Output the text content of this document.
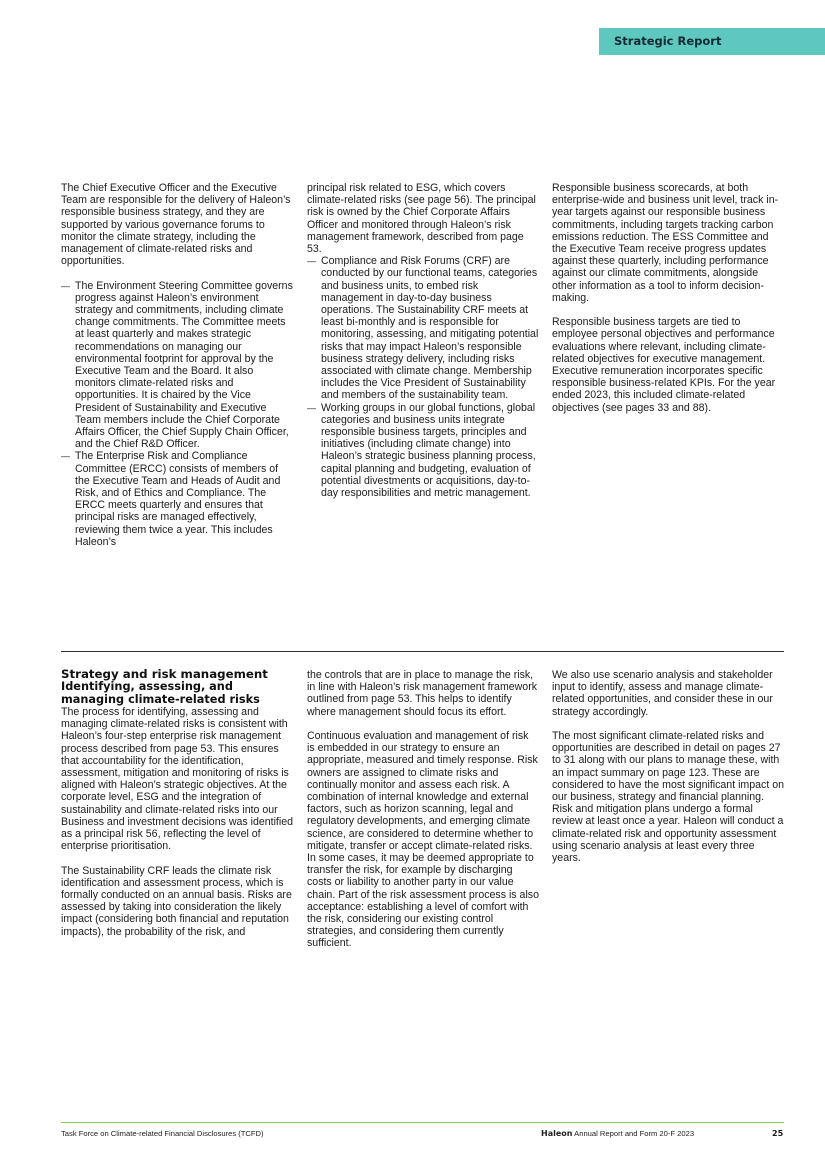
Strategic Report

The Chief Executive Officer and the Executive Team are responsible for the delivery of Haleon’s responsible business strategy, and they are supported by various governance forums to monitor the climate strategy, including the management of climate-related risks and opportunities.

— The Environment Steering Committee governs progress against Haleon’s environment strategy and commitments, including climate change commitments. The Committee meets at least quarterly and makes strategic recommendations on managing our environmental footprint for approval by the Executive Team and the Board. It also monitors climate-related risks and opportunities. It is chaired by the Vice President of Sustainability and Executive Team members include the Chief Corporate Affairs Officer, the Chief Supply Chain Officer, and the Chief R&D Officer.
— The Enterprise Risk and Compliance Committee (ERCC) consists of members of the Executive Team and Heads of Audit and Risk, and of Ethics and Compliance. The ERCC meets quarterly and ensures that principal risks are managed effectively, reviewing them twice a year. This includes Haleon’s
principal risk related to ESG, which covers climate-related risks (see page 56). The principal risk is owned by the Chief Corporate Affairs Officer and monitored through Haleon’s risk management framework, described from page 53.
— Compliance and Risk Forums (CRF) are conducted by our functional teams, categories and business units, to embed risk management in day-to-day business operations. The Sustainability CRF meets at least bi-monthly and is responsible for monitoring, assessing, and mitigating potential risks that may impact Haleon’s responsible business strategy delivery, including risks associated with climate change. Membership includes the Vice President of Sustainability and members of the sustainability team.
— Working groups in our global functions, global categories and business units integrate responsible business targets, principles and initiatives (including climate change) into Haleon’s strategic business planning process, capital planning and budgeting, evaluation of potential divestments or acquisitions, day-to-day responsibilities and metric management.

Responsible business scorecards, at both enterprise-wide and business unit level, track in-year targets against our responsible business commitments, including targets tracking carbon emissions reduction. The ESS Committee and the Executive Team receive progress updates against these quarterly, including performance against our climate commitments, alongside other information as a tool to inform decision-making.

Responsible business targets are tied to employee personal objectives and performance evaluations where relevant, including climate-related objectives for executive management. Executive remuneration incorporates specific responsible business-related KPIs. For the year ended 2023, this included climate-related objectives (see pages 33 and 88).

Strategy and risk management
Identifying, assessing, and managing climate-related risks

The process for identifying, assessing and managing climate-related risks is consistent with Haleon’s four-step enterprise risk management process described from page 53. This ensures that accountability for the identification, assessment, mitigation and monitoring of risks is aligned with Haleon’s strategic objectives. At the corporate level, ESG and the integration of sustainability and climate-related risks into our Business and investment decisions was identified as a principal risk 56, reflecting the level of enterprise prioritisation.

The Sustainability CRF leads the climate risk identification and assessment process, which is formally conducted on an annual basis. Risks are assessed by taking into consideration the likely impact (considering both financial and reputation impacts), the probability of the risk, and

the controls that are in place to manage the risk, in line with Haleon’s risk management framework outlined from page 53. This helps to identify where management should focus its effort.

Continuous evaluation and management of risk is embedded in our strategy to ensure an appropriate, measured and timely response. Risk owners are assigned to climate risks and continually monitor and assess each risk. A combination of internal knowledge and external factors, such as horizon scanning, legal and regulatory developments, and emerging climate science, are considered to determine whether to mitigate, transfer or accept climate-related risks. In some cases, it may be deemed appropriate to transfer the risk, for example by discharging costs or liability to another party in our value chain. Part of the risk assessment process is also acceptance: establishing a level of comfort with the risk, considering our existing control strategies, and considering them currently sufficient.

We also use scenario analysis and stakeholder input to identify, assess and manage climate-related opportunities, and consider these in our strategy accordingly.

The most significant climate-related risks and opportunities are described in detail on pages 27 to 31 along with our plans to manage these, with an impact summary on page 123. These are considered to have the most significant impact on our business, strategy and financial planning. Risk and mitigation plans undergo a formal review at least once a year. Haleon will conduct a climate-related risk and opportunity assessment using scenario analysis at least every three years.

Task Force on Climate-related Financial Disclosures (TCFD)	Haleon Annual Report and Form 20-F 2023	25
